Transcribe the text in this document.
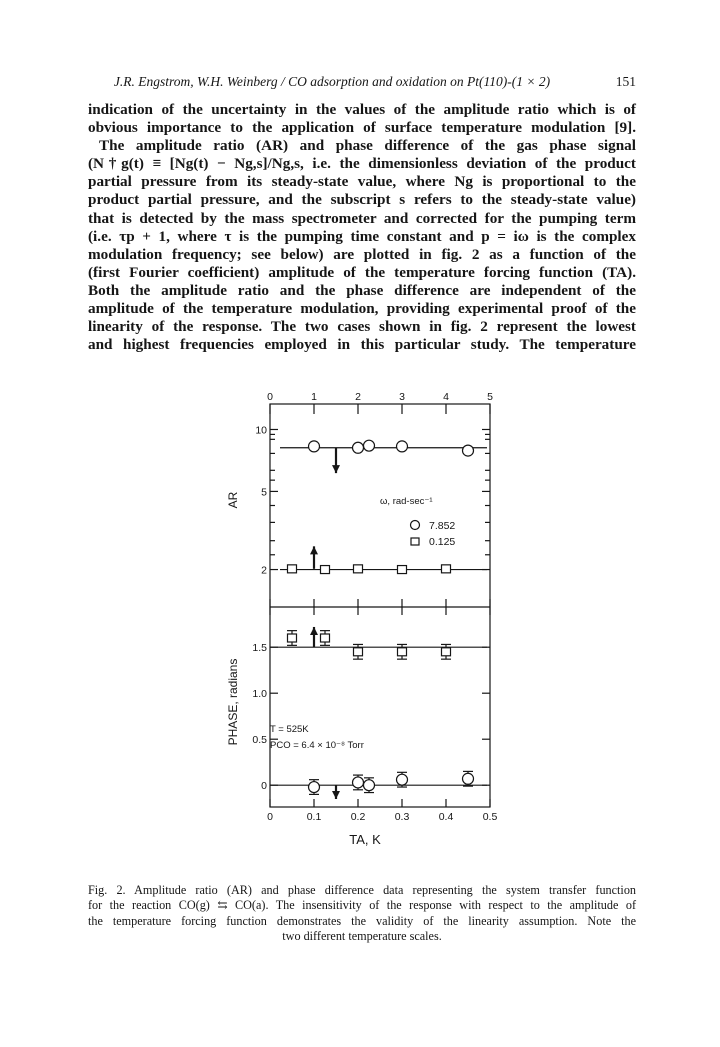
J.R. Engstrom, W.H. Weinberg / CO adsorption and oxidation on Pt(110)-(1 × 2)	151

indication of the uncertainty in the values of the amplitude ratio which is of

obvious importance to the application of surface temperature modulation [9].

The amplitude ratio (AR) and phase difference of the gas phase signal

(N†g(t) ≡ [Ng(t) − Ng,s]/Ng,s, i.e. the dimensionless deviation of the product

partial pressure from its steady-state value, where Ng is proportional to the

product partial pressure, and the subscript s refers to the steady-state value)

that is detected by the mass spectrometer and corrected for the pumping term

(i.e. τp + 1, where τ is the pumping time constant and p = iω is the complex

modulation frequency; see below) are plotted in fig. 2 as a function of the

(first Fourier coefficient) amplitude of the temperature forcing function (TA).

Both the amplitude ratio and the phase difference are independent of the

amplitude of the temperature modulation, providing experimental proof of the

linearity of the response. The two cases shown in fig. 2 represent the lowest

and highest frequencies employed in this particular study. The temperature

0	1	2	3	4	5
0	0.1	0.2	0.3	0.4	0.5
10
5
2
1.5
1.0
0.5
0
AR
PHASE, radians
ω, rad-sec⁻¹
7.852
0.125
T = 525K
PCO = 6.4 × 10⁻⁸ Torr
TA, K

Fig. 2. Amplitude ratio (AR) and phase difference data representing the system transfer function

for the reaction CO(g) ⇆ CO(a). The insensitivity of the response with respect to the amplitude of

the temperature forcing function demonstrates the validity of the linearity assumption. Note the

two different temperature scales.
